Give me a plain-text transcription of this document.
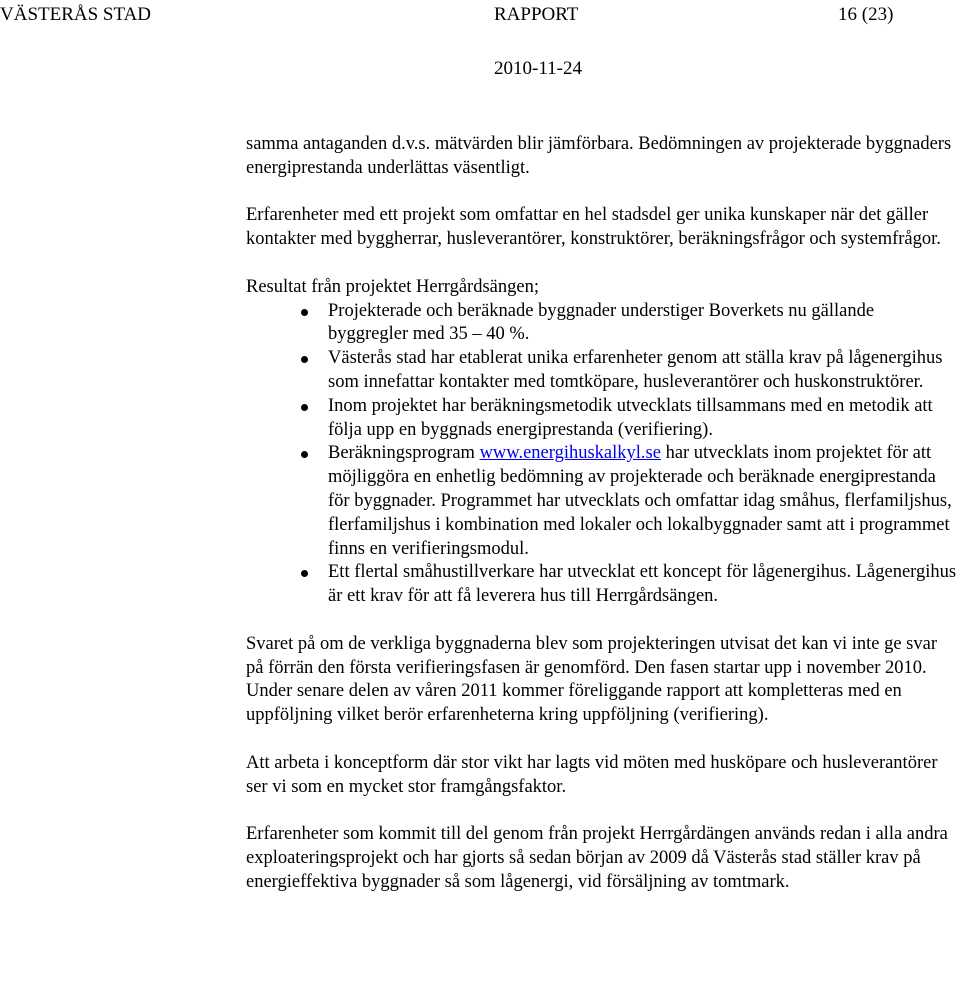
VÄSTERÅS STAD	RAPPORT	16 (23)
2010-11-24

samma antaganden d.v.s. mätvärden blir jämförbara. Bedömningen av projekterade byggnaders energiprestanda underlättas väsentligt.

Erfarenheter med ett projekt som omfattar en hel stadsdel ger unika kunskaper när det gäller kontakter med byggherrar, husleverantörer, konstruktörer, beräkningsfrågor och systemfrågor.

Resultat från projektet Herrgårdsängen;

Projekterade och beräknade byggnader understiger Boverkets nu gällande byggregler med 35 – 40 %.
Västerås stad har etablerat unika erfarenheter genom att ställa krav på lågenergihus som innefattar kontakter med tomtköpare, husleverantörer och huskonstruktörer.
Inom projektet har beräkningsmetodik utvecklats tillsammans med en metodik att följa upp en byggnads energiprestanda (verifiering).
Beräkningsprogram www.energihuskalkyl.se har utvecklats inom projektet för att möjliggöra en enhetlig bedömning av projekterade och beräknade energiprestanda för byggnader. Programmet har utvecklats och omfattar idag småhus, flerfamiljshus, flerfamiljshus i kombination med lokaler och lokalbyggnader samt att i programmet finns en verifieringsmodul.
Ett flertal småhustillverkare har utvecklat ett koncept för lågenergihus. Lågenergihus är ett krav för att få leverera hus till Herrgårdsängen.

Svaret på om de verkliga byggnaderna blev som projekteringen utvisat det kan vi inte ge svar på förrän den första verifieringsfasen är genomförd. Den fasen startar upp i november 2010. Under senare delen av våren 2011 kommer föreliggande rapport att kompletteras med en uppföljning vilket berör erfarenheterna kring uppföljning (verifiering).

Att arbeta i konceptform där stor vikt har lagts vid möten med husköpare och husleverantörer ser vi som en mycket stor framgångsfaktor.

Erfarenheter som kommit till del genom från projekt Herrgårdängen används redan i alla andra exploateringsprojekt och har gjorts så sedan början av 2009 då Västerås stad ställer krav på energieffektiva byggnader så som lågenergi, vid försäljning av tomtmark.
